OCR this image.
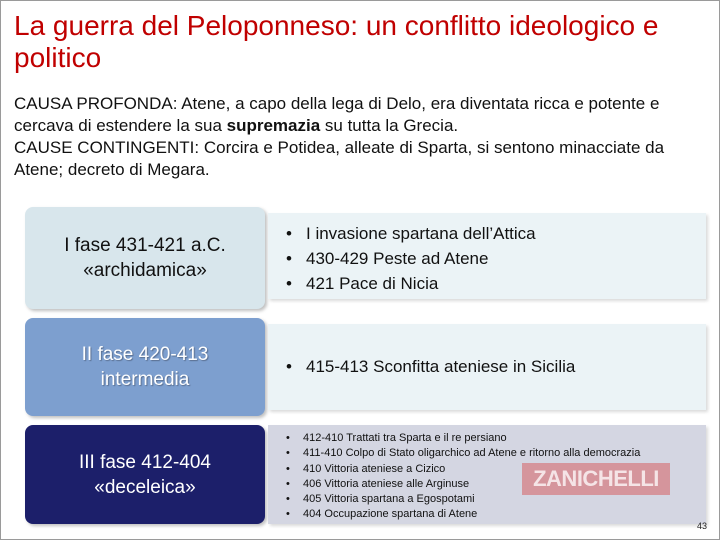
La guerra del Peloponneso: un conflitto ideologico e politico
CAUSA PROFONDA: Atene, a capo della lega di Delo, era diventata ricca e potente e cercava di estendere la sua supremazia su tutta la Grecia.
CAUSE CONTINGENTI: Corcira e Potidea, alleate di Sparta, si sentono minacciate da Atene; decreto di Megara.
I fase 431-421 a.C.
«archidamica»
• I invasione spartana dell’Attica
• 430-429 Peste ad Atene
• 421 Pace di Nicia
II fase 420-413
intermedia
• 415-413 Sconfitta ateniese in Sicilia
III fase 412-404
«deceleica»
• 412-410 Trattati tra Sparta e il re persiano
• 411-410 Colpo di Stato oligarchico ad Atene e ritorno alla democrazia
• 410 Vittoria ateniese a Cizico
• 406 Vittoria ateniese alle Arginuse
• 405 Vittoria spartana a Egospotami
• 404 Occupazione spartana di Atene
ZANICHELLI
43
